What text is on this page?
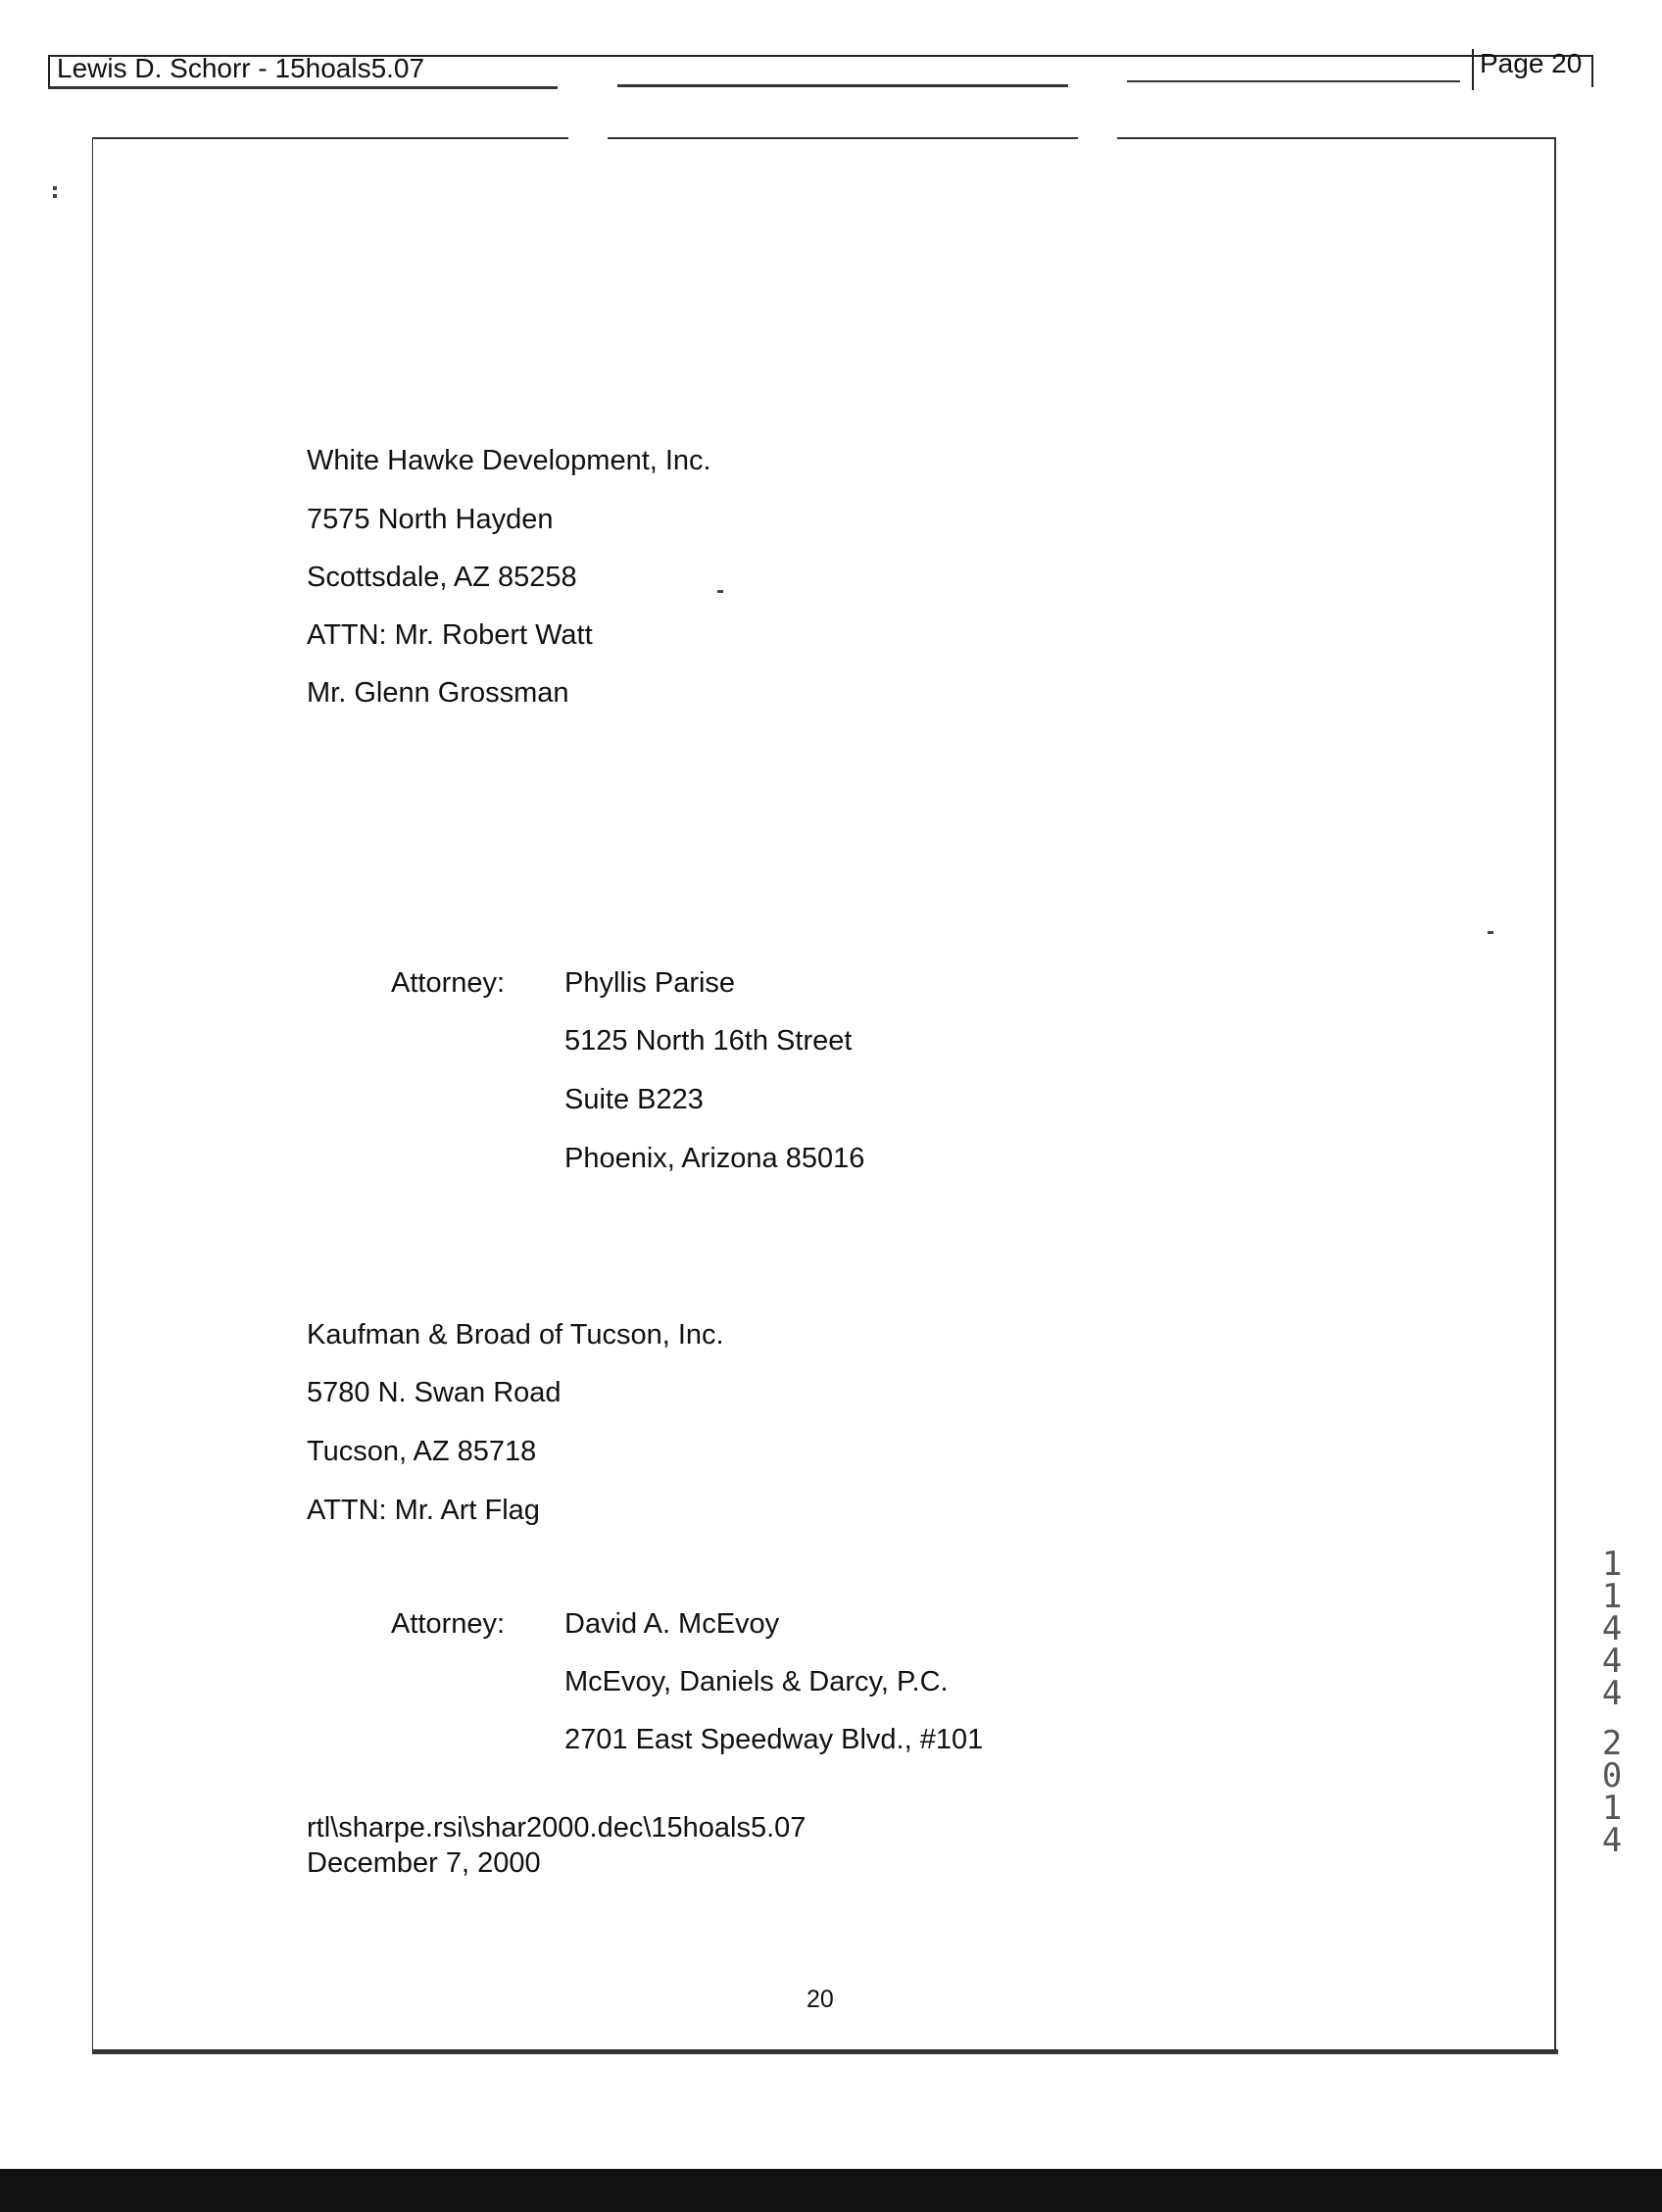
Lewis D. Schorr - 15hoals5.07	Page 20
White Hawke Development, Inc.
7575 North Hayden
Scottsdale, AZ 85258
ATTN: Mr. Robert Watt
Mr. Glenn Grossman
Attorney: Phyllis Parise
5125 North 16th Street
Suite B223
Phoenix, Arizona 85016
Kaufman & Broad of Tucson, Inc.
5780 N. Swan Road
Tucson, AZ 85718
ATTN: Mr. Art Flag
Attorney: David A. McEvoy
McEvoy, Daniels & Darcy, P.C.
2701 East Speedway Blvd., #101
rtl\sharpe.rsi\shar2000.dec\15hoals5.07
December 7, 2000
20
1
1
4
4
4
2
0
1
4
